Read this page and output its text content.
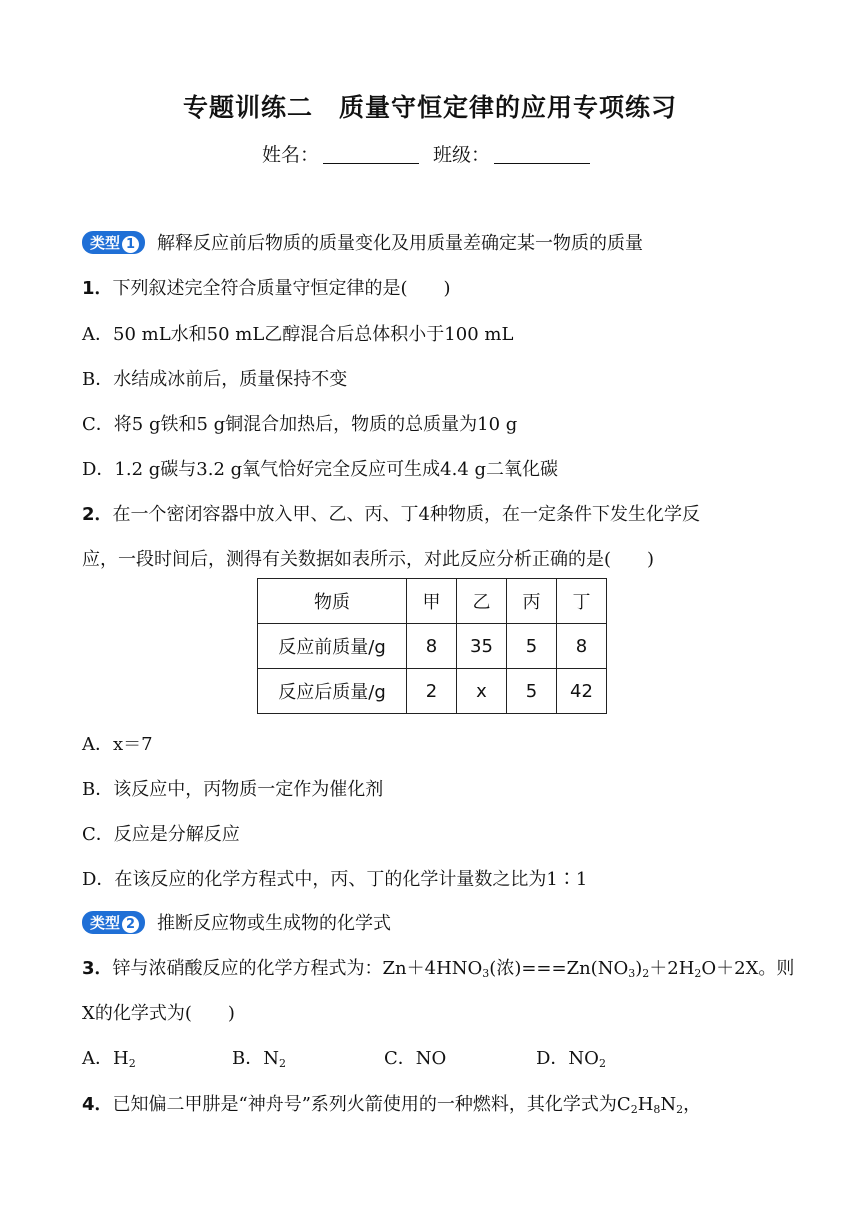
专题训练二　质量守恒定律的应用专项练习
姓名：	班级：
类型 1 解释反应前后物质的质量变化及用质量差确定某一物质的质量
1．下列叙述完全符合质量守恒定律的是(　　)
A．50 mL水和50 mL乙醇混合后总体积小于100 mL
B．水结成冰前后，质量保持不变
C．将5 g铁和5 g铜混合加热后，物质的总质量为10 g
D．1.2 g碳与3.2 g氧气恰好完全反应可生成4.4 g二氧化碳
2．在一个密闭容器中放入甲、乙、丙、丁4种物质，在一定条件下发生化学反
应，一段时间后，测得有关数据如表所示，对此反应分析正确的是(　　)
物质	甲	乙	丙	丁
反应前质量/g	8	35	5	8
反应后质量/g	2	x	5	42
A．x＝7
B．该反应中，丙物质一定作为催化剂
C．反应是分解反应
D．在该反应的化学方程式中，丙、丁的化学计量数之比为1∶1
类型 2 推断反应物或生成物的化学式
3．锌与浓硝酸反应的化学方程式为：$Zn+4HNO_3$(浓)$===Zn(NO_3)_2+2H_2O+2X$。则
X的化学式为(　　)
A．$H_2$	B．$N_2$	C．NO	D．$NO_2$
4．已知偏二甲肼是“神舟号”系列火箭使用的一种燃料，其化学式为$C_2H_8N_2$，
